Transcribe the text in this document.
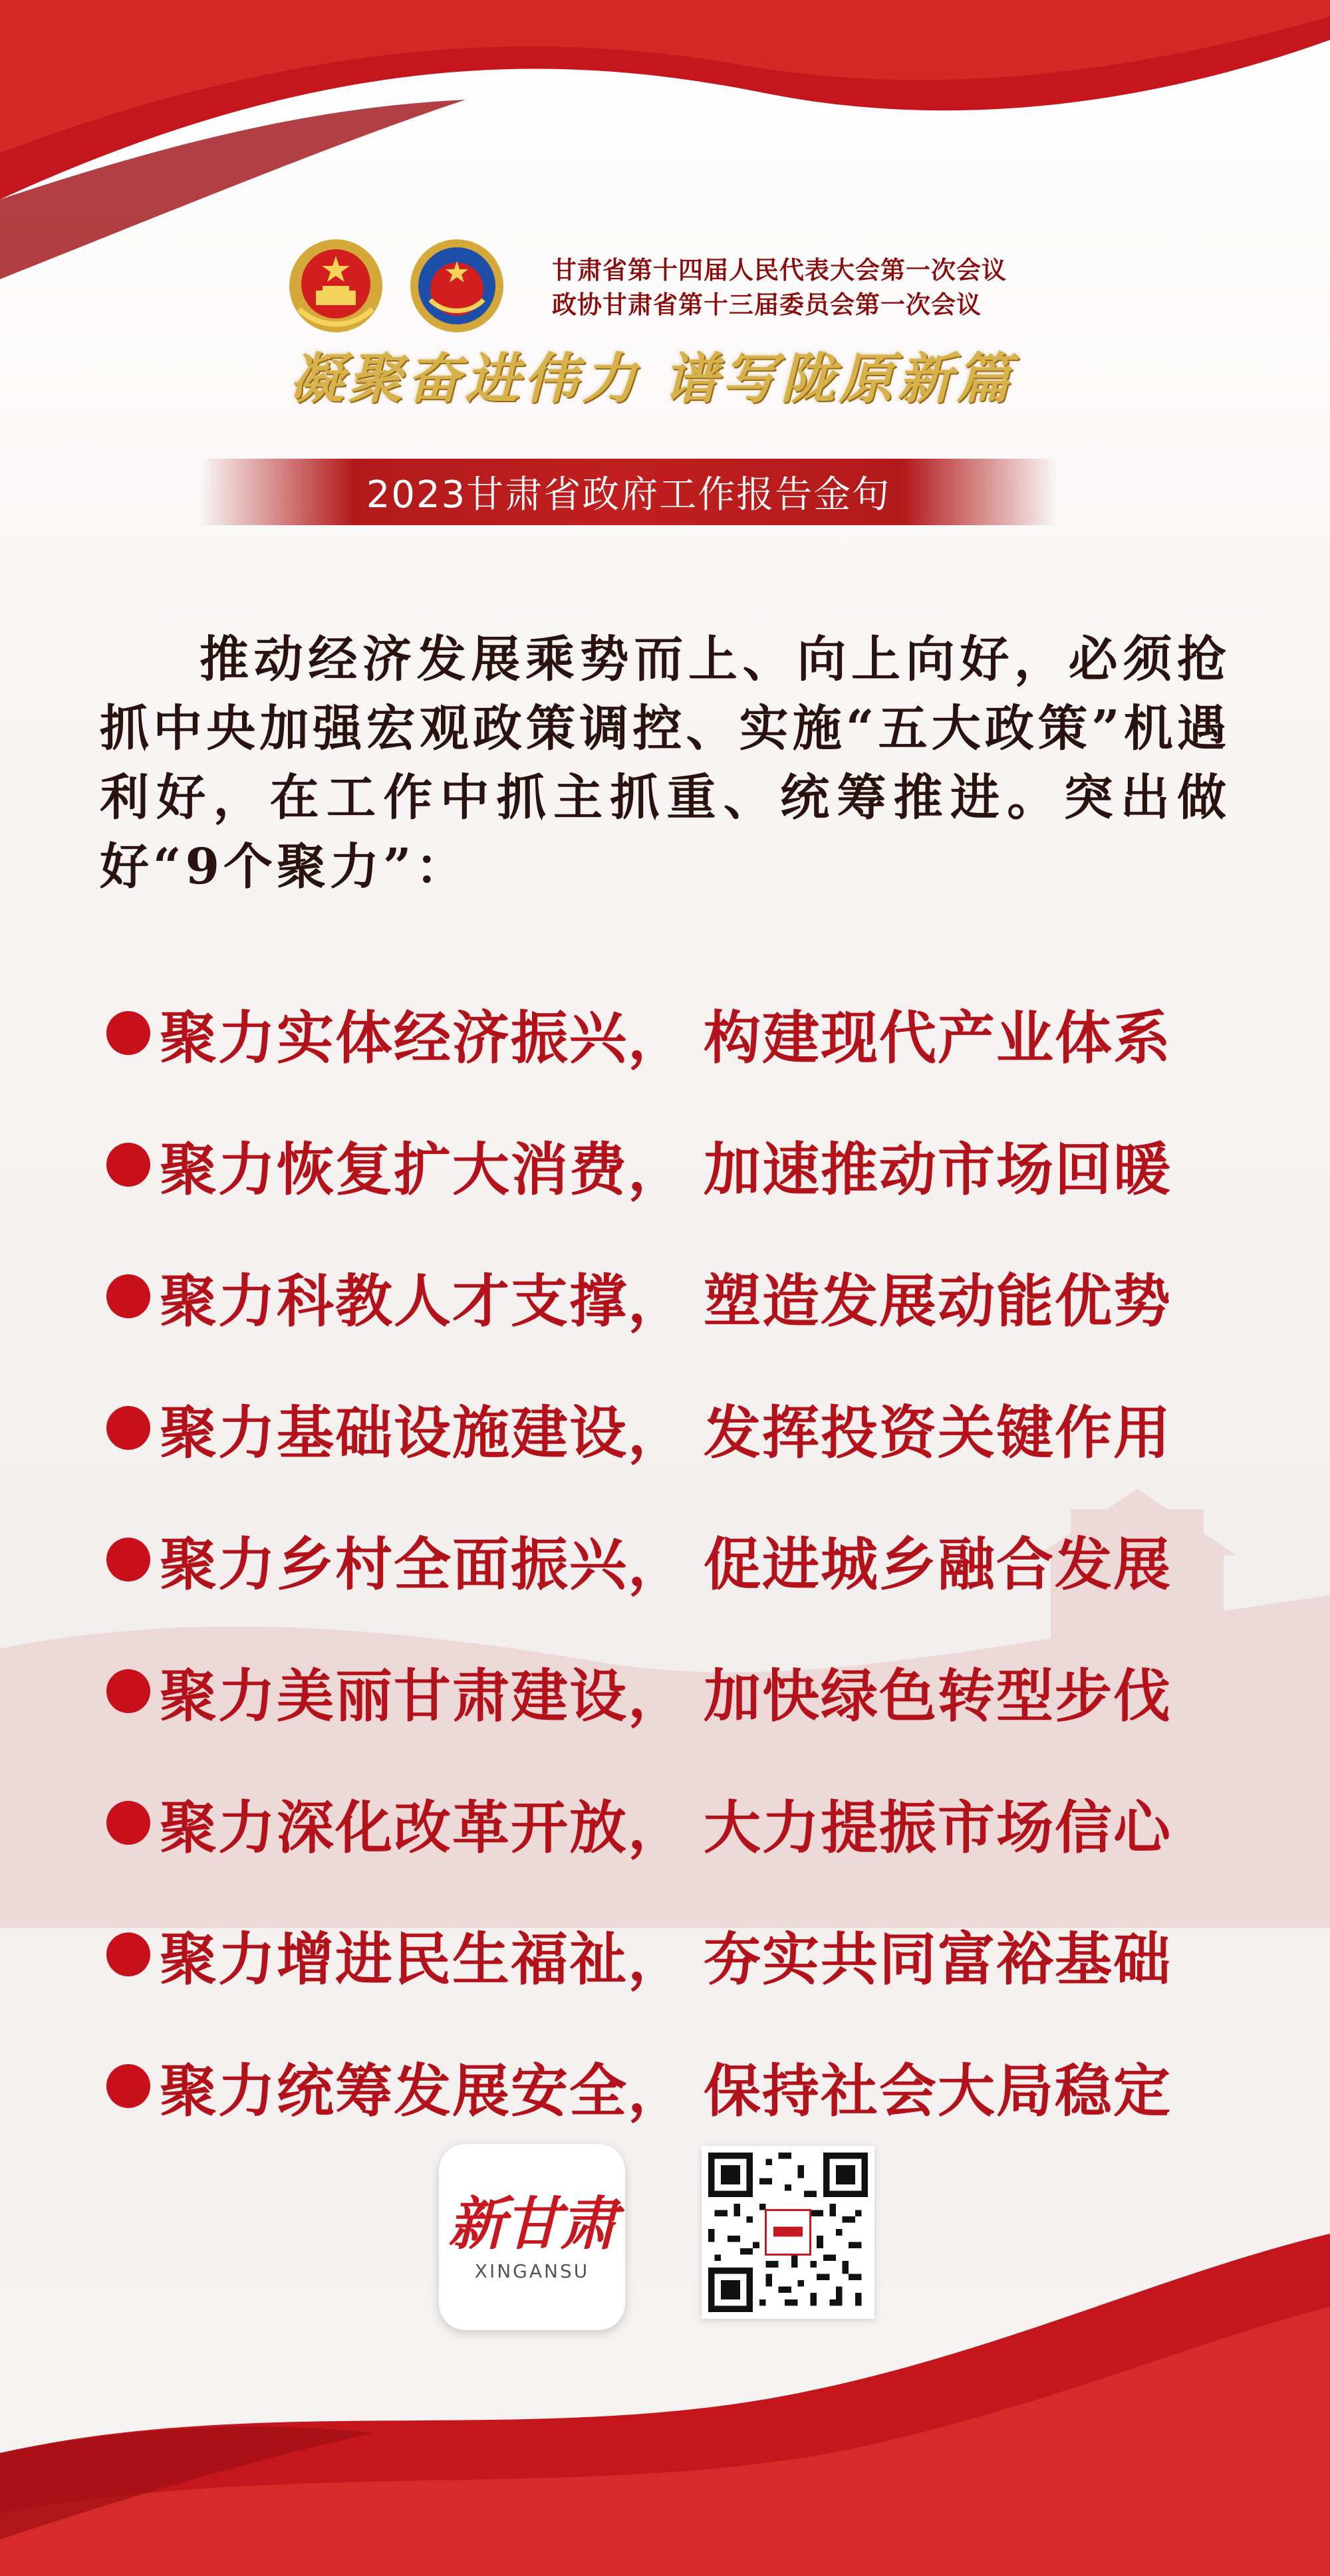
甘肃省第十四届人民代表大会第一次会议
政协甘肃省第十三届委员会第一次会议
凝聚奋进伟力 谱写陇原新篇
2023甘肃省政府工作报告金句

推动经济发展乘势而上、向上向好，必须抢抓中央加强宏观政策调控、实施“五大政策”机遇利好，在工作中抓主抓重、统筹推进。突出做好“9个聚力”：

聚力实体经济振兴， 构建现代产业体系
聚力恢复扩大消费， 加速推动市场回暖
聚力科教人才支撑， 塑造发展动能优势
聚力基础设施建设， 发挥投资关键作用
聚力乡村全面振兴， 促进城乡融合发展
聚力美丽甘肃建设， 加快绿色转型步伐
聚力深化改革开放， 大力提振市场信心
聚力增进民生福祉， 夯实共同富裕基础
聚力统筹发展安全， 保持社会大局稳定
新甘肃
XINGANSU
